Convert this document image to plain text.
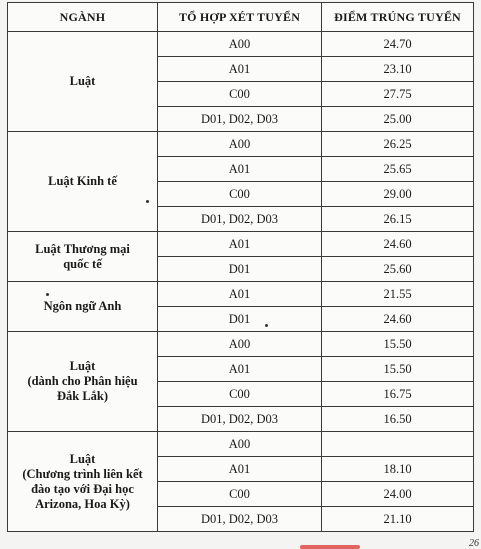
NGÀNH	TỔ HỢP XÉT TUYỂN	ĐIỂM TRÚNG TUYỂN

Luật	A00	24.70
	A01	23.10
	C00	27.75
	D01, D02, D03	25.00

Luật Kinh tế	A00	26.25
	A01	25.65
	C00	29.00
	D01, D02, D03	26.15

Luật Thương mại
quốc tế	A01	24.60
	D01	25.60

Ngôn ngữ Anh	A01	21.55
	D01	24.60

Luật
(dành cho Phân hiệu
Đắk Lắk)	A00	15.50
	A01	15.50
	C00	16.75
	D01, D02, D03	16.50

Luật
(Chương trình liên kết
đào tạo với Đại học
Arizona, Hoa Kỳ)	A00	
	A01	18.10
	C00	24.00
	D01, D02, D03	21.10
26
